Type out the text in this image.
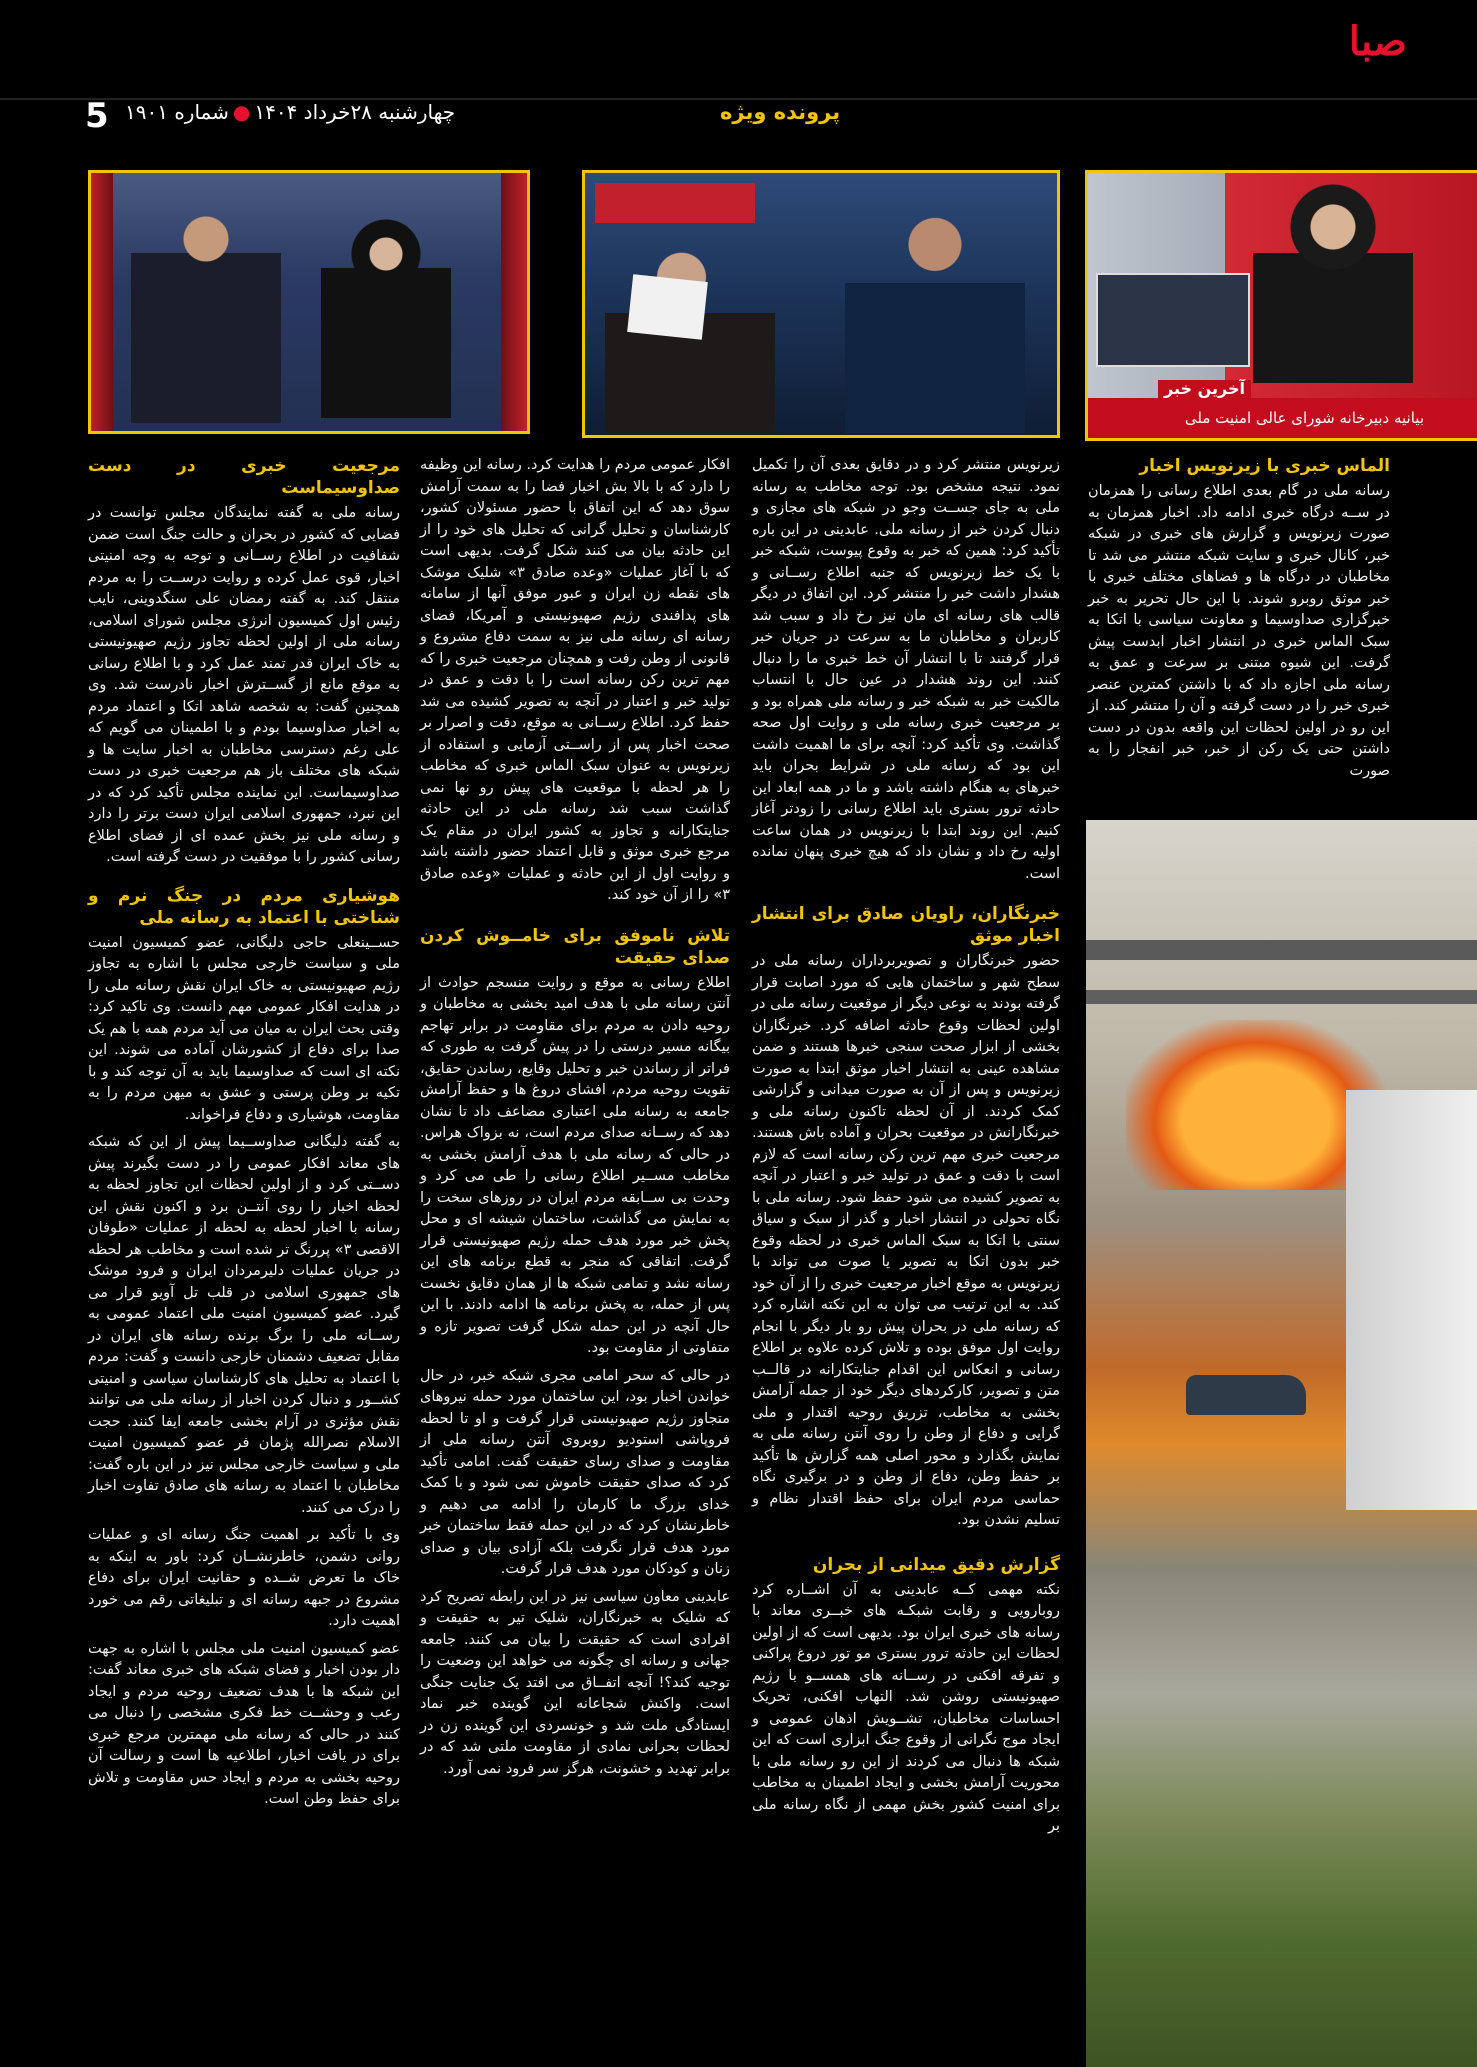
صبا
پرونده ویژه
چهارشنبه ۲۸خرداد ۱۴۰۴●شماره ۱۹۰۱
5
آخرین خبر
بیانیه دبیرخانه شورای عالی امنیت ملی
الماس خبری با زیرنویس اخبار

رسانه ملی در گام بعدی اطلاع رسانی را همزمان در ســه درگاه خبری ادامه داد. اخبار همزمان به صورت زیرنویس و گزارش های خبری در شبکه خبر، کانال خبری و سایت شبکه منتشر می شد تا مخاطبان در درگاه ها و فضاهای مختلف خبری با خبر موثق روبرو شوند. با این حال تحریر به خبر خبرگزاری صداوسیما و معاونت سیاسی با اتکا به سبک الماس خبری در انتشار اخبار ابدست پیش گرفت. این شیوه مبتنی بر سرعت و عمق به رسانه ملی اجازه داد که با داشتن کمترین عنصر خبری خبر را در دست گرفته و آن را منتشر کند. از این رو در اولین لحظات این واقعه بدون در دست داشتن حتی یک رکن از خبر، خبر انفجار را به صورت

زیرنویس منتشر کرد و در دقایق بعدی آن را تکمیل نمود. نتیجه مشخص بود. توجه مخاطب به رسانه ملی به جای جســت وجو در شبکه های مجازی و دنبال کردن خبر از رسانه ملی. عابدینی در این باره تأکید کرد: همین که خبر به وقوع پیوست، شبکه خبر با یک خط زیرنویس که جنبه اطلاع رســانی و هشدار داشت خبر را منتشر کرد. این اتفاق در دیگر قالب های رسانه ای مان نیز رخ داد و سبب شد کاربران و مخاطبان ما به سرعت در جریان خبر قرار گرفتند تا با انتشار آن خط خبری ما را دنبال کنند. این روند هشدار در عین حال با انتساب مالکیت خبر به شبکه خبر و رسانه ملی همراه بود و بر مرجعیت خبری رسانه ملی و روایت اول صحه گذاشت. وی تأکید کرد: آنچه برای ما اهمیت داشت این بود که رسانه ملی در شرایط بحران باید خبرهای به هنگام داشته باشد و ما در همه ابعاد این حادثه ترور بستری باید اطلاع رسانی را زودتر آغاز کنیم. این روند ابتدا با زیرنویس در همان ساعت اولیه رخ داد و نشان داد که هیچ خبری پنهان نمانده است.

خبرنگاران، راویان صادق برای انتشار اخبار موثق

حضور خبرنگاران و تصویربرداران رسانه ملی در سطح شهر و ساختمان هایی که مورد اصابت قرار گرفته بودند به نوعی دیگر از موقعیت رسانه ملی در اولین لحظات وقوع حادثه اضافه کرد. خبرنگاران بخشی از ابزار صحت سنجی خبرها هستند و ضمن مشاهده عینی به انتشار اخبار موثق ابتدا به صورت زیرنویس و پس از آن به صورت میدانی و گزارشی کمک کردند. از آن لحظه تاکنون رسانه ملی و خبرنگارانش در موقعیت بحران و آماده باش هستند. مرجعیت خبری مهم ترین رکن رسانه است که لازم است با دقت و عمق در تولید خبر و اعتبار در آنچه به تصویر کشیده می شود حفظ شود. رسانه ملی با نگاه تحولی در انتشار اخبار و گذر از سبک و سیاق سنتی با اتکا به سبک الماس خبری در لحظه وقوع خبر بدون اتکا به تصویر یا صوت می تواند با زیرنویس به موقع اخبار مرجعیت خبری را از آن خود کند. به این ترتیب می توان به این نکته اشاره کرد که رسانه ملی در بحران پیش رو بار دیگر با انجام روایت اول موفق بوده و تلاش کرده علاوه بر اطلاع رسانی و انعکاس این اقدام جنایتکارانه در قالــب متن و تصویر، کارکردهای دیگر خود از جمله آرامش بخشی به مخاطب، تزریق روحیه اقتدار و ملی گرایی و دفاع از وطن را روی آنتن رسانه ملی به نمایش بگذارد و محور اصلی همه گزارش ها تأکید بر حفظ وطن، دفاع از وطن و در برگیری نگاه حماسی مردم ایران برای حفظ اقتدار نظام و تسلیم نشدن بود.

گزارش دقیق میدانی از بحران

نکته مهمی کــه عابدینی به آن اشــاره کرد روبارویی و رقابت شبکـه های خبــری معاند با رسانه های خبری ایران بود. بدیهی است که از اولین لحظات این حادثه ترور بستری مو تور دروغ پراکنی و تفرقه افکنی در رســانه های همســو با رژیم صهیونیستی روشن شد. التهاب افکنی، تحریک احساسات مخاطبان، تشــویش اذهان عمومی و ایجاد موج نگرانی از وقوع جنگ ابزاری است که این شبکه ها دنبال می کردند از این رو رسانه ملی با محوریت آرامش بخشی و ایجاد اطمینان به مخاطب برای امنیت کشور بخش مهمی از نگاه رسانه ملی بر

افکار عمومی مردم را هدایت کرد. رسانه این وظیفه را دارد که با بالا بش اخبار فضا را به سمت آرامش سوق دهد که این اتفاق با حضور مسئولان کشور، کارشناسان و تحلیل گرانی که تحلیل های خود را از این حادثه بیان می کنند شکل گرفت. بدیهی است که با آغاز عملیات «وعده صادق ۳» شلیک موشک های نقطه زن ایران و عبور موفق آنها از سامانه های پدافندی رژیم صهیونیستی و آمریکا، فضای رسانه ای رسانه ملی نیز به سمت دفاع مشروع و قانونی از وطن رفت و همچنان مرجعیت خبری را که مهم ترین رکن رسانه است را با دقت و عمق در تولید خبر و اعتبار در آنچه به تصویر کشیده می شد حفظ کرد. اطلاع رســانی به موقع، دقت و اصرار بر صحت اخبار پس از راســتی آزمایی و استفاده از زیرنویس به عنوان سبک الماس خبری که مخاطب را هر لحظه با موقعیت های پیش رو نها نمی گذاشت سبب شد رسانه ملی در این حادثه جنایتکارانه و تجاوز به کشور ایران در مقام یک مرجع خبری موثق و قابل اعتماد حضور داشته باشد و روایت اول از این حادثه و عملیات «وعده صادق ۳» را از آن خود کند.

تلاش ناموفق برای خامــوش کردن صدای حقیقت

اطلاع رسانی به موقع و روایت منسجم حوادث از آنتن رسانه ملی با هدف امید بخشی به مخاطبان و روحیه دادن به مردم برای مقاومت در برابر تهاجم بیگانه مسیر درستی را در پیش گرفت به طوری که فراتر از رساندن خبر و تحلیل وقایع، رساندن حقایق، تقویت روحیه مردم، افشای دروغ ها و حفظ آرامش جامعه به رسانه ملی اعتباری مضاعف داد تا نشان دهد که رســانه صدای مردم است، نه بزواک هراس. در حالی که رسانه ملی با هدف آرامش بخشی به مخاطب مســیر اطلاع رسانی را طی می کرد و وحدت بی ســابقه مردم ایران در روزهای سخت را به نمایش می گذاشت، ساختمان شیشه ای و محل پخش خبر مورد هدف حمله رژیم صهیونیستی قرار گرفت. اتفاقی که منجر به قطع برنامه های این رسانه نشد و تمامی شبکه ها از همان دقایق نخست پس از حمله، به پخش برنامه ها ادامه دادند. با این حال آنچه در این حمله شکل گرفت تصویر تازه و متفاوتی از مقاومت بود.

در حالی که سحر امامی مجری شبکه خبر، در حال خواندن اخبار بود، این ساختمان مورد حمله نیروهای متجاوز رژیم صهیونیستی قرار گرفت و او تا لحظه فروپاشی استودیو روبروی آنتن رسانه ملی از مقاومت و صدای رسای حقیقت گفت. امامی تأکید کرد که صدای حقیقت خاموش نمی شود و با کمک خدای بزرگ ما کارمان را ادامه می دهیم و خاطرنشان کرد که در این حمله فقط ساختمان خبر مورد هدف قرار نگرفت بلکه آزادی بیان و صدای زنان و کودکان مورد هدف قرار گرفت.

عابدینی معاون سیاسی نیز در این رابطه تصریح کرد که شلیک به خبرنگاران، شلیک تیر به حقیقت و افرادی است که حقیقت را بیان می کنند. جامعه جهانی و رسانه ای چگونه می خواهد این وضعیت را توجیه کند؟! آنچه اتفــاق می افتد یک جنایت جنگی است. واکنش شجاعانه این گوینده خبر نماد ایستادگی ملت شد و خونسردی این گوینده زن در لحظات بحرانی نمادی از مقاومت ملتی شد که در برابر تهدید و خشونت، هرگز سر فرود نمی آورد.

مرجعیت خبری در دست صداوسیماست

رسانه ملی به گفته نمایندگان مجلس توانست در فضایی که کشور در بحران و حالت جنگ است ضمن شفافیت در اطلاع رســانی و توجه به وجه امنیتی اخبار، قوی عمل کرده و روایت درســت را به مردم منتقل کند. به گفته رمضان علی سنگدوینی، نایب رئیس اول کمیسیون انرژی مجلس شورای اسلامی، رسانه ملی از اولین لحظه تجاوز رژیم صهیونیستی به خاک ایران قدر تمند عمل کرد و با اطلاع رسانی به موقع مانع از گســترش اخبار نادرست شد. وی همچنین گفت: به شخصه شاهد اتکا و اعتماد مردم به اخبار صداوسیما بودم و با اطمینان می گویم که علی رغم دسترسی مخاطبان به اخبار سایت ها و شبکه های مختلف باز هم مرجعیت خبری در دست صداوسیماست. این نماینده مجلس تأکید کرد که در این نبرد، جمهوری اسلامی ایران دست برتر را دارد و رسانه ملی نیز بخش عمده ای از فضای اطلاع رسانی کشور را با موفقیت در دست گرفته است.

هوشیاری مردم در جنگ نرم و شناختی با اعتماد به رسانه ملی

حســینعلی حاجی دلیگانی، عضو کمیسیون امنیت ملی و سیاست خارجی مجلس با اشاره به تجاوز رژیم صهیونیستی به خاک ایران نقش رسانه ملی را در هدایت افکار عمومی مهم دانست. وی تاکید کرد: وقتی بحث ایران به میان می آید مردم همه با هم یک صدا برای دفاع از کشورشان آماده می شوند. این نکته ای است که صداوسیما باید به آن توجه کند و با تکیه بر وطن پرستی و عشق به میهن مردم را به مقاومت، هوشیاری و دفاع فراخواند.

به گفته دلیگانی صداوســیما پیش از این که شبکه های معاند افکار عمومی را در دست بگیرند پیش دســتی کرد و از اولین لحظات این تجاوز لحظه به لحظه اخبار را روی آنتــن برد و اکنون نقش این رسانه با اخبار لحظه به لحظه از عملیات «طوفان الاقصی ۳» پررنگ تر شده است و مخاطب هر لحظه در جریان عملیات دلیرمردان ایران و فرود موشک های جمهوری اسلامی در قلب تل آویو قرار می گیرد. عضو کمیسیون امنیت ملی اعتماد عمومی به رســانه ملی را برگ برنده رسانه های ایران در مقابل تضعیف دشمنان خارجی دانست و گفت: مردم با اعتماد به تحلیل های کارشناسان سیاسی و امنیتی کشــور و دنبال کردن اخبار از رسانه ملی می توانند نقش مؤثری در آرام بخشی جامعه ایفا کنند. حجت الاسلام نصرالله پژمان فر عضو کمیسیون امنیت ملی و سیاست خارجی مجلس نیز در این باره گفت: مخاطبان با اعتماد به رسانه های صادق تفاوت اخبار را درک می کنند.

وی با تأکید بر اهمیت جنگ رسانه ای و عملیات روانی دشمن، خاطرنشــان کرد: باور به اینکه به خاک ما تعرض شــده و حقانیت ایران برای دفاع مشروع در جبهه رسانه ای و تبلیغاتی رقم می خورد اهمیت دارد.

عضو کمیسیون امنیت ملی مجلس با اشاره به جهت دار بودن اخبار و فضای شبکه های خبری معاند گفت: این شبکه ها با هدف تضعیف روحیه مردم و ایجاد رعب و وحشــت خط فکری مشخصی را دنبال می کنند در حالی که رسانه ملی مهمترین مرجع خبری برای در یافت اخبار، اطلاعیه ها است و رسالت آن روحیه بخشی به مردم و ایجاد حس مقاومت و تلاش برای حفظ وطن است.
